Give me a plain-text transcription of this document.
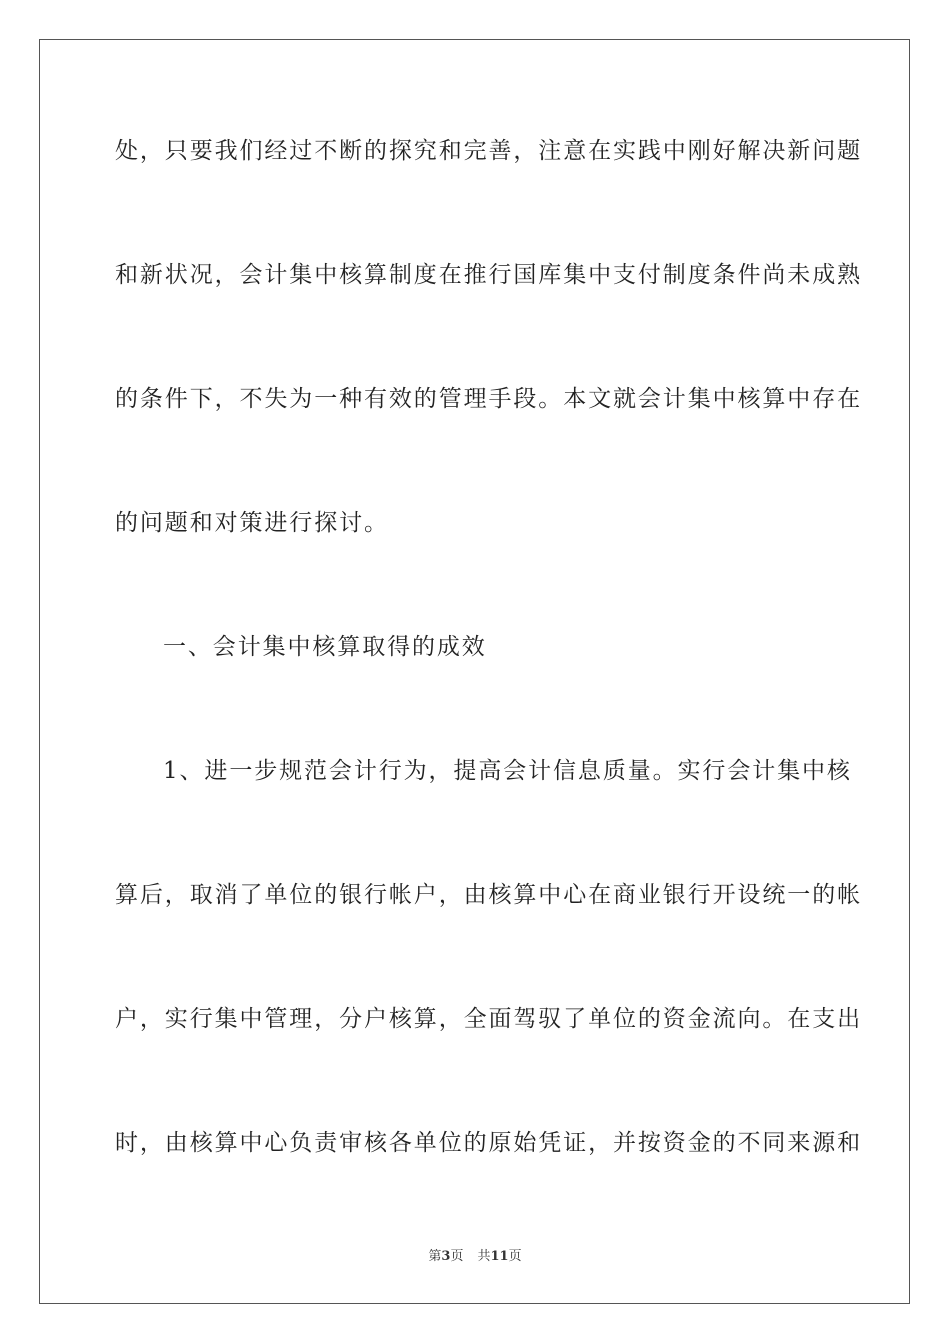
处，只要我们经过不断的探究和完善，注意在实践中刚好解决新问题
和新状况，会计集中核算制度在推行国库集中支付制度条件尚未成熟
的条件下，不失为一种有效的管理手段。本文就会计集中核算中存在
的问题和对策进行探讨。
一、会计集中核算取得的成效
1、进一步规范会计行为，提高会计信息质量。实行会计集中核
算后，取消了单位的银行帐户，由核算中心在商业银行开设统一的帐
户，实行集中管理，分户核算，全面驾驭了单位的资金流向。在支出
时，由核算中心负责审核各单位的原始凭证，并按资金的不同来源和
第3页 共11页
